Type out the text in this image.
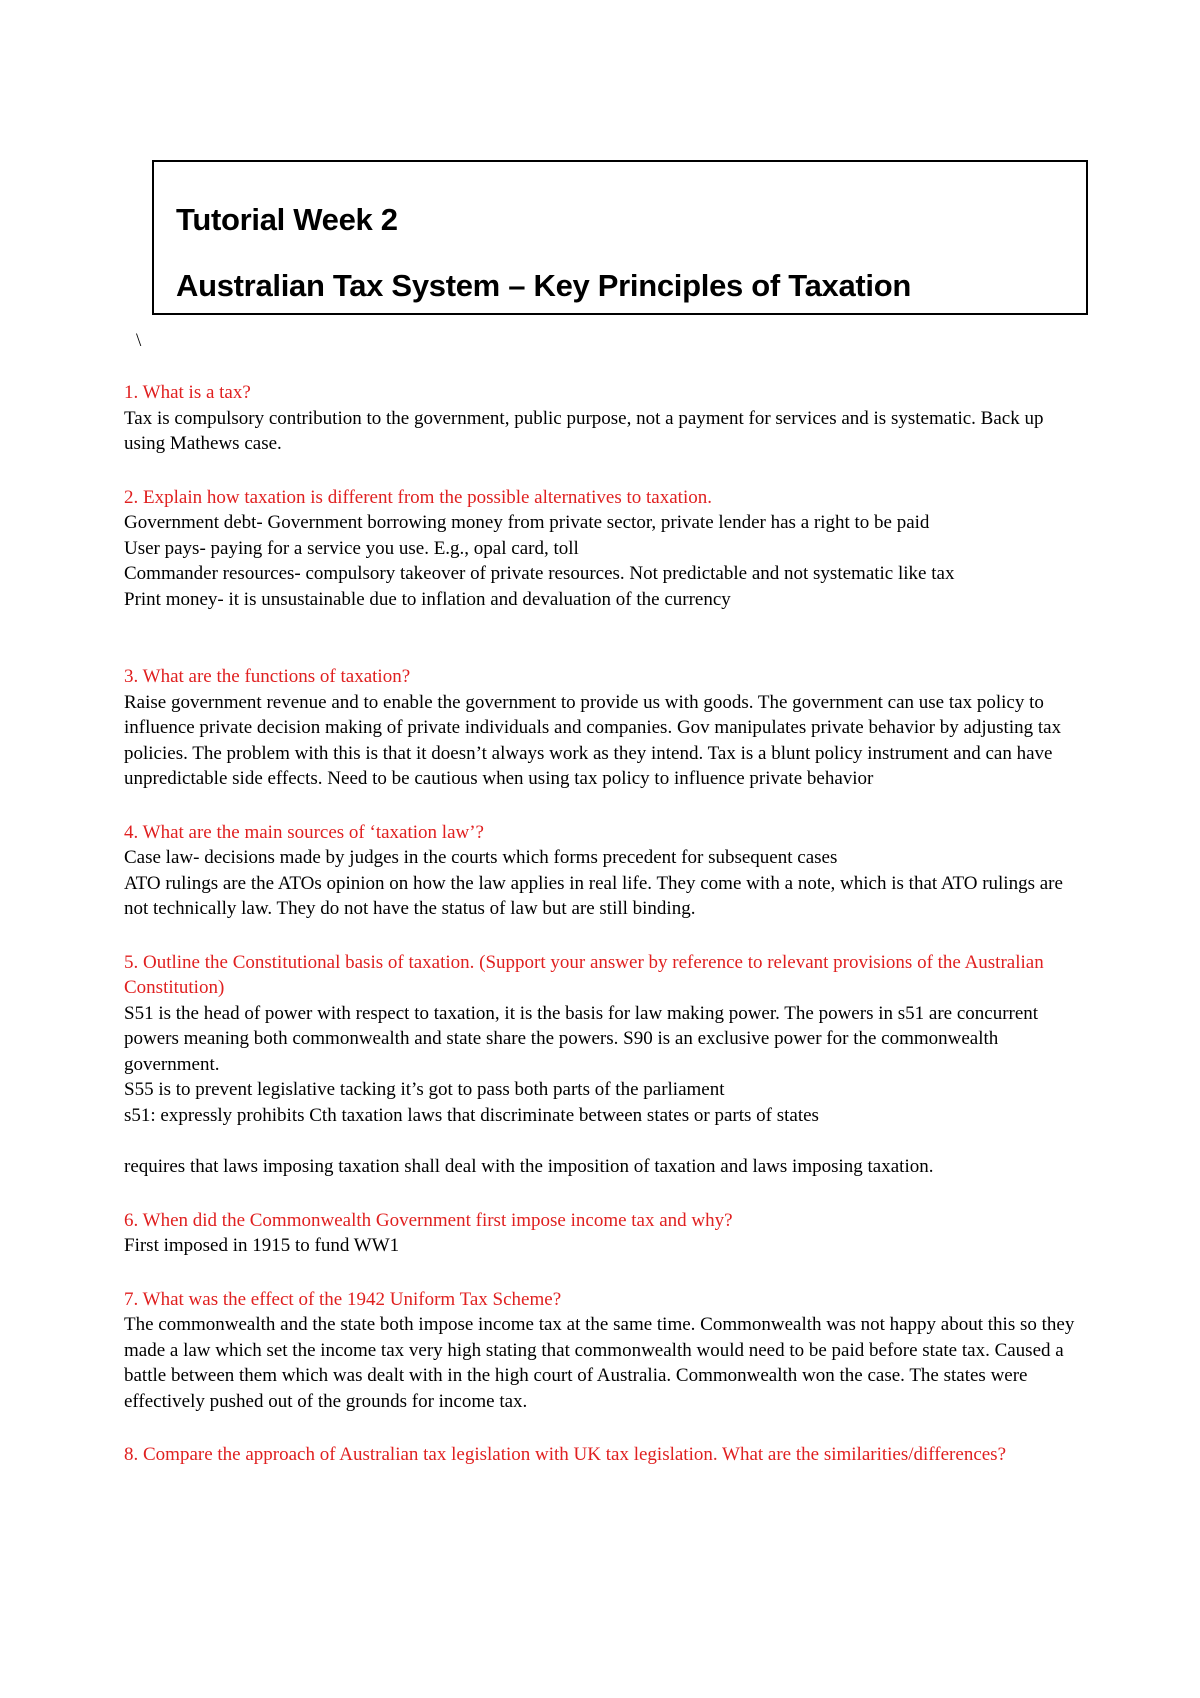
Tutorial Week 2
Australian Tax System – Key Principles of Taxation
\
1. What is a tax?
Tax is compulsory contribution to the government, public purpose, not a payment for services and is systematic. Back up using Mathews case.
2. Explain how taxation is different from the possible alternatives to taxation.
Government debt- Government borrowing money from private sector, private lender has a right to be paid
User pays- paying for a service you use. E.g., opal card, toll
Commander resources- compulsory takeover of private resources. Not predictable and not systematic like tax
Print money- it is unsustainable due to inflation and devaluation of the currency
3. What are the functions of taxation?
Raise government revenue and to enable the government to provide us with goods. The government can use tax policy to influence private decision making of private individuals and companies. Gov manipulates private behavior by adjusting tax policies. The problem with this is that it doesn’t always work as they intend. Tax is a blunt policy instrument and can have unpredictable side effects. Need to be cautious when using tax policy to influence private behavior
4. What are the main sources of ‘taxation law’?
Case law- decisions made by judges in the courts which forms precedent for subsequent cases
ATO rulings are the ATOs opinion on how the law applies in real life. They come with a note, which is that ATO rulings are not technically law. They do not have the status of law but are still binding.
5. Outline the Constitutional basis of taxation. (Support your answer by reference to relevant provisions of the Australian Constitution)
S51 is the head of power with respect to taxation, it is the basis for law making power. The powers in s51 are concurrent powers meaning both commonwealth and state share the powers. S90 is an exclusive power for the commonwealth government.
S55 is to prevent legislative tacking it’s got to pass both parts of the parliament
s51: expressly prohibits Cth taxation laws that discriminate between states or parts of states
requires that laws imposing taxation shall deal with the imposition of taxation and laws imposing taxation.
6. When did the Commonwealth Government first impose income tax and why?
First imposed in 1915 to fund WW1
7. What was the effect of the 1942 Uniform Tax Scheme?
The commonwealth and the state both impose income tax at the same time. Commonwealth was not happy about this so they made a law which set the income tax very high stating that commonwealth would need to be paid before state tax. Caused a battle between them which was dealt with in the high court of Australia. Commonwealth won the case. The states were effectively pushed out of the grounds for income tax.
8. Compare the approach of Australian tax legislation with UK tax legislation. What are the similarities/differences?
